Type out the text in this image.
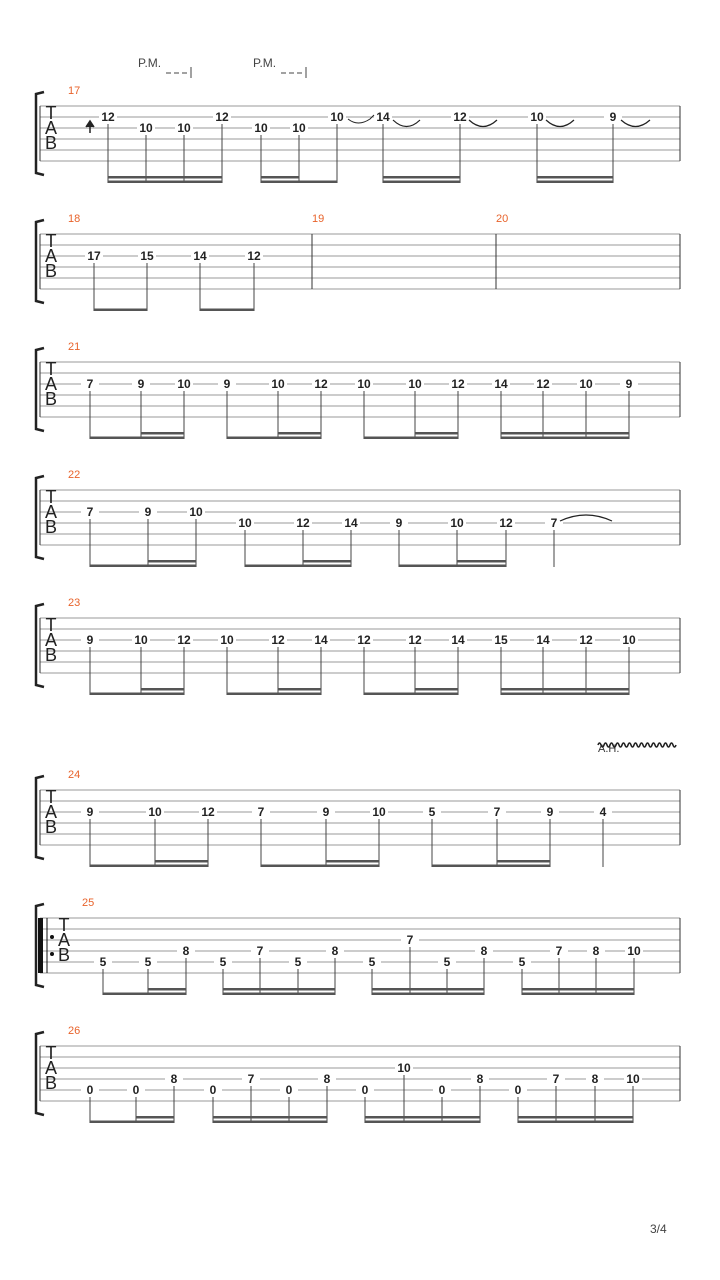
T
A
B
17
12
10 10
12
10 10
10	14	12	10	9
T
A
B
18	19	20
17	15	14	12
T
A
B
21
7	9	10	9	10 12 10	10 12 14 12 10	9
T
A
B
22
7	9	10
10	12	14	9	10	12	7
T
A
B
23
9	10 12 10	12 14 12	12 14 15 14 12 10
T
A
B
24
9	10	12	7	9	10	5	7	9	4
T
A
B
25
5	5
8
5
7
5
8
5
7
5
8
5
7	8 10
T
A
B
26
0	0
8
0
7
0
8
0
10
0
8
0
7	8 10
P.M.	P.M.
A.H.
3/4
